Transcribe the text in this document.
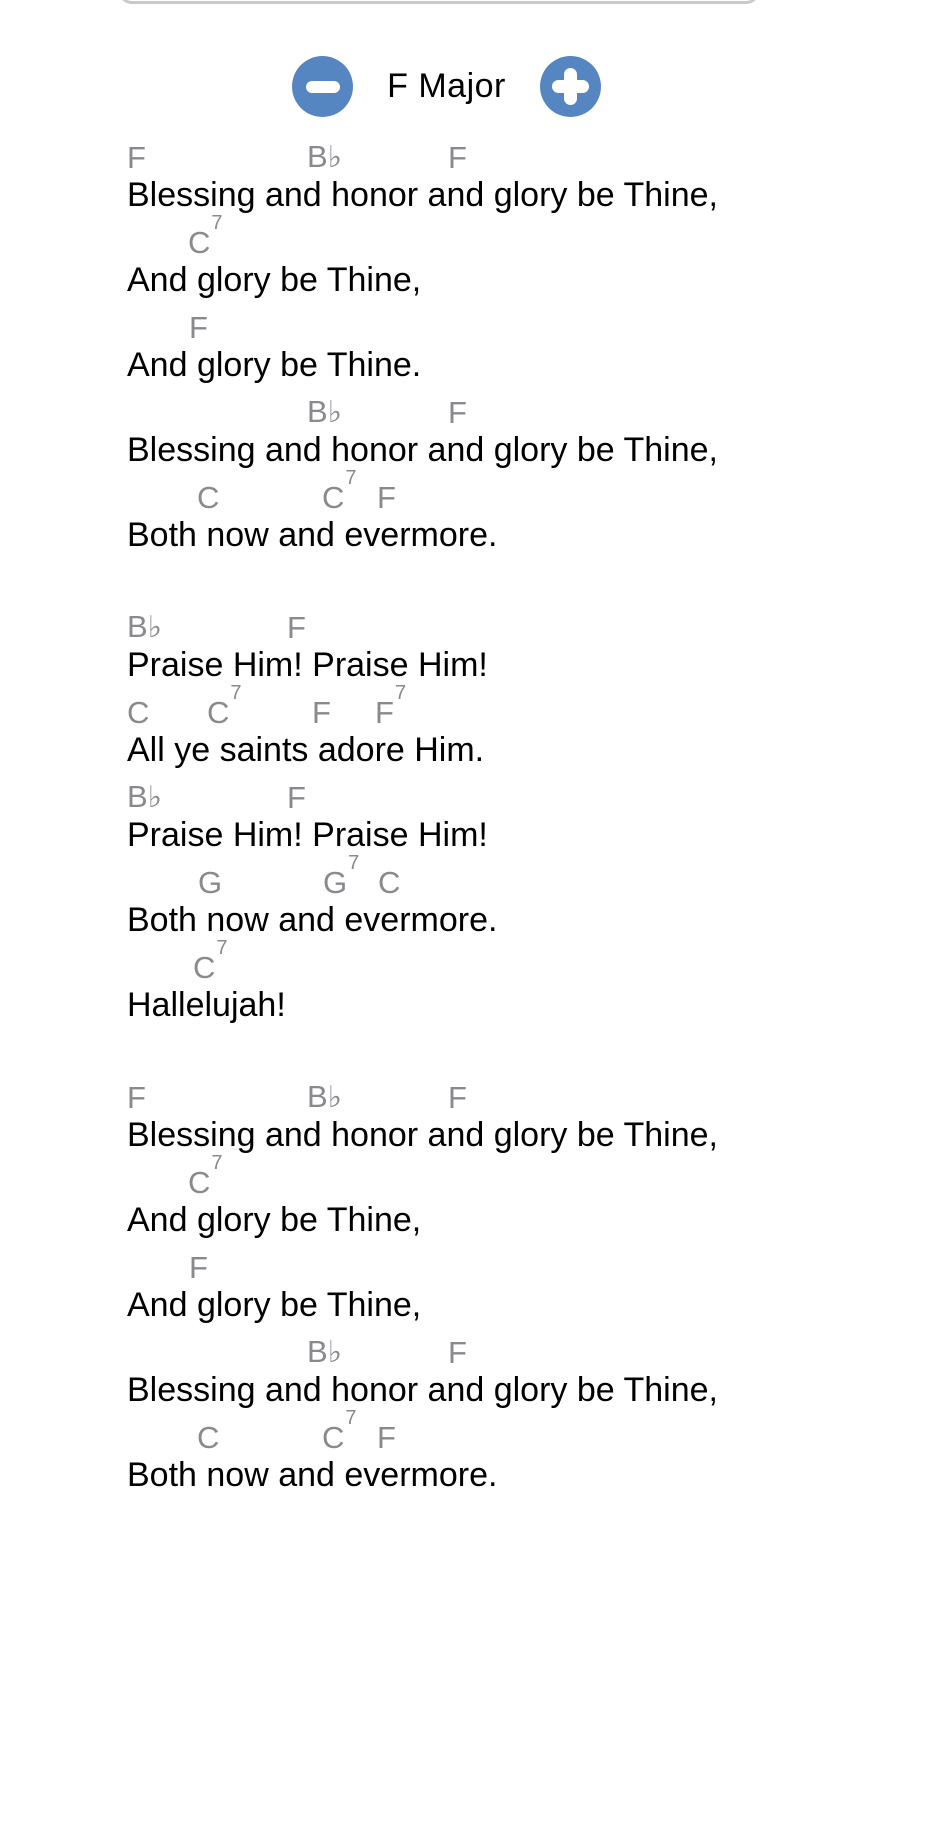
F Major
F	B♭	F
Blessing and honor and glory be Thine,
$C^7$
And glory be Thine,
F
And glory be Thine.
B♭	F
Blessing and honor and glory be Thine,
C	$C^7$
F
Both now and evermore.
B♭	F
Praise Him! Praise Him!
C $C^7$
F $F^7$
All ye saints adore Him.
B♭	F
Praise Him! Praise Him!
G	$G^7$
C
Both now and evermore.
$C^7$
Hallelujah!
F	B♭	F
Blessing and honor and glory be Thine,
$C^7$
And glory be Thine,
F
And glory be Thine,
B♭	F
Blessing and honor and glory be Thine,
C	$C^7$
F
Both now and evermore.
